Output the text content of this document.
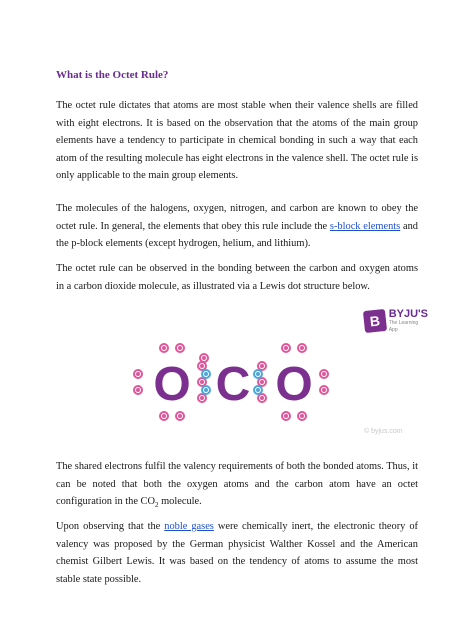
What is the Octet Rule?

The octet rule dictates that atoms are most stable when their valence shells are filled with eight electrons. It is based on the observation that the atoms of the main group elements have a tendency to participate in chemical bonding in such a way that each atom of the resulting molecule has eight electrons in the valence shell. The octet rule is only applicable to the main group elements.

The molecules of the halogens, oxygen, nitrogen, and carbon are known to obey the octet rule. In general, the elements that obey this rule include the s-block elements and the p-block elements (except hydrogen, helium, and lithium).

The octet rule can be observed in the bonding between the carbon and oxygen atoms in a carbon dioxide molecule, as illustrated via a Lewis dot structure below.

B BYJU'S
The Learning App
O C O
© byjus.com

The shared electrons fulfil the valency requirements of both the bonded atoms. Thus, it can be noted that both the oxygen atoms and the carbon atom have an octet configuration in the $CO_2$ molecule.

Upon observing that the noble gases were chemically inert, the electronic theory of valency was proposed by the German physicist Walther Kossel and the American chemist Gilbert Lewis. It was based on the tendency of atoms to assume the most stable state possible.
